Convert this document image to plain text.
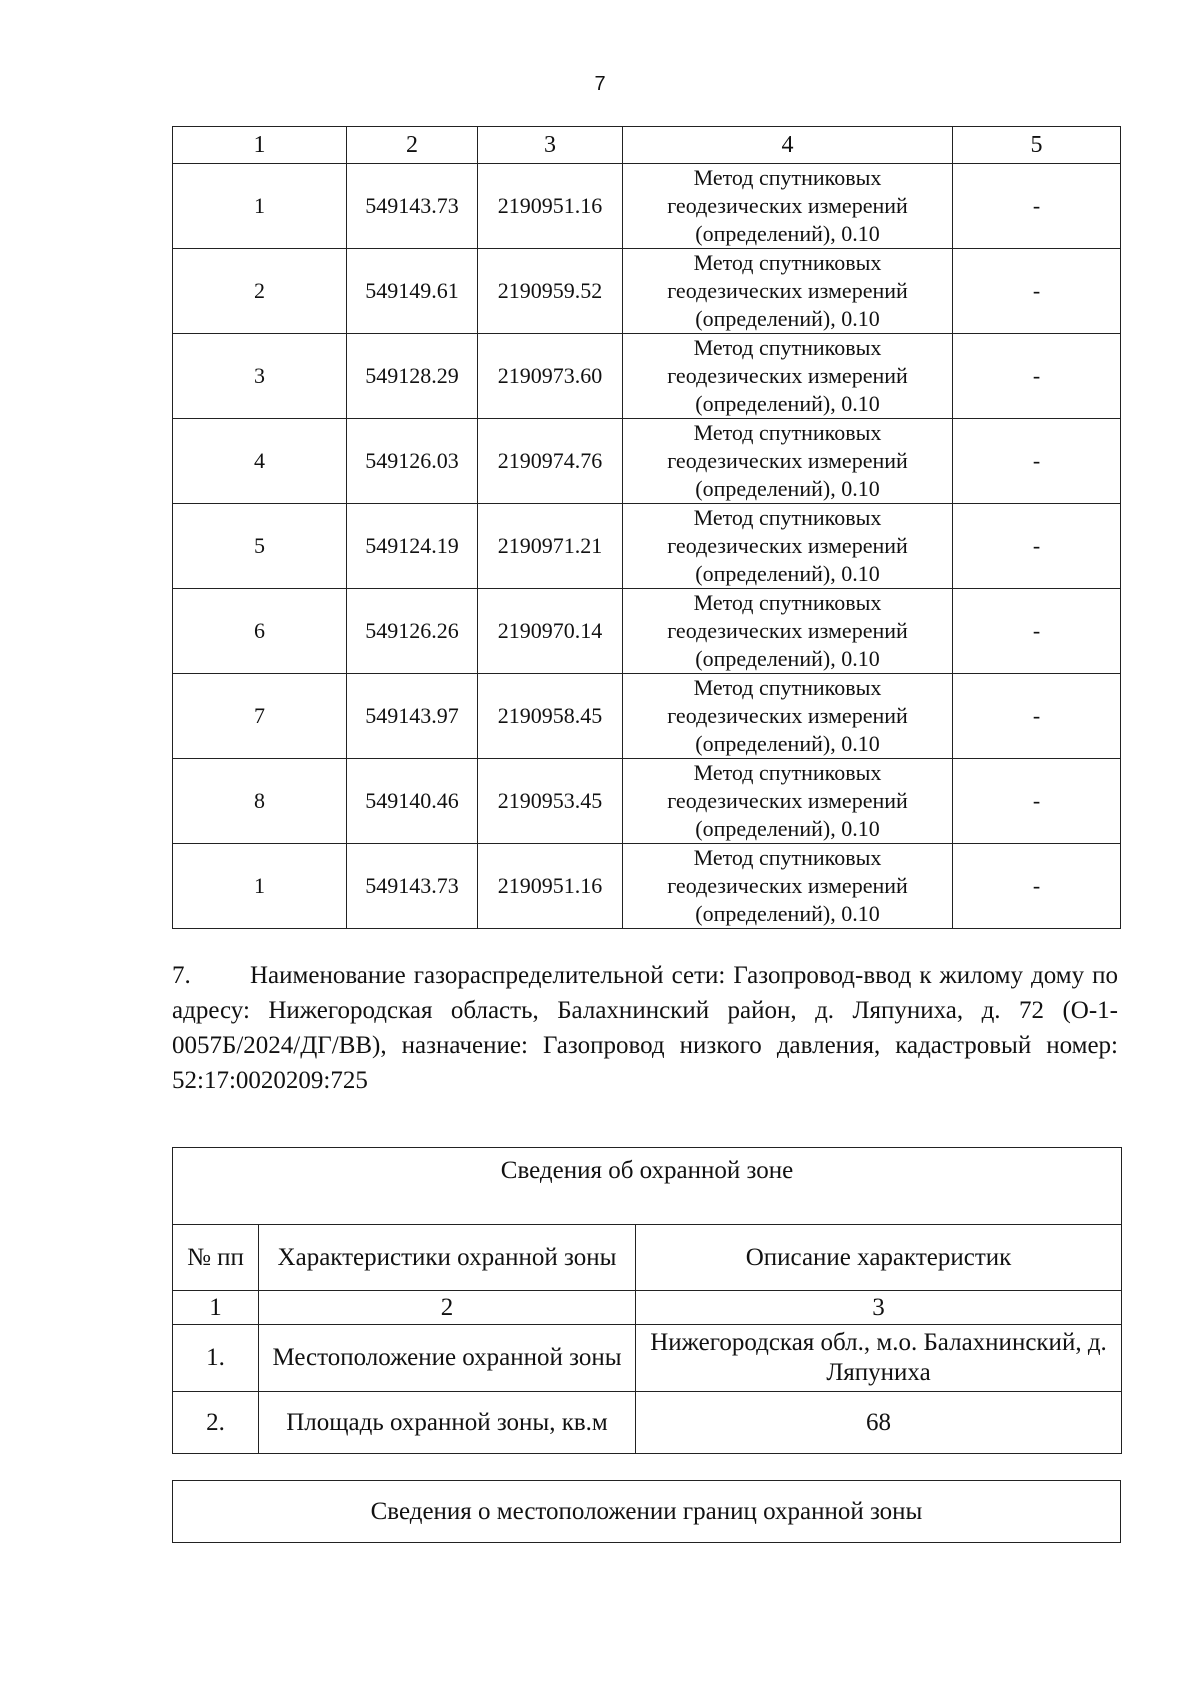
7
1	2	3	4	5
1	549143.73	2190951.16	Метод спутниковых
геодезических измерений
(определений), 0.10	-
2	549149.61	2190959.52	Метод спутниковых
геодезических измерений
(определений), 0.10	-
3	549128.29	2190973.60	Метод спутниковых
геодезических измерений
(определений), 0.10	-
4	549126.03	2190974.76	Метод спутниковых
геодезических измерений
(определений), 0.10	-
5	549124.19	2190971.21	Метод спутниковых
геодезических измерений
(определений), 0.10	-
6	549126.26	2190970.14	Метод спутниковых
геодезических измерений
(определений), 0.10	-
7	549143.97	2190958.45	Метод спутниковых
геодезических измерений
(определений), 0.10	-
8	549140.46	2190953.45	Метод спутниковых
геодезических измерений
(определений), 0.10	-
1	549143.73	2190951.16	Метод спутниковых
геодезических измерений
(определений), 0.10	-
7. Наименование газораспределительной сети: Газопровод-ввод к жилому дому по адресу: Нижегородская область, Балахнинский район, д. Ляпуниха, д. 72 (О-1-0057Б/2024/ДГ/ВВ), назначение: Газопровод низкого давления, кадастровый номер: 52:17:0020209:725
Сведения об охранной зоне		
№ пп	Характеристики охранной зоны	Описание характеристик
1	2	3
1.	Местоположение охранной зоны	Нижегородская обл., м.о. Балахнинский, д. Ляпуниха
2.	Площадь охранной зоны, кв.м	68
Сведения о местоположении границ охранной зоны
